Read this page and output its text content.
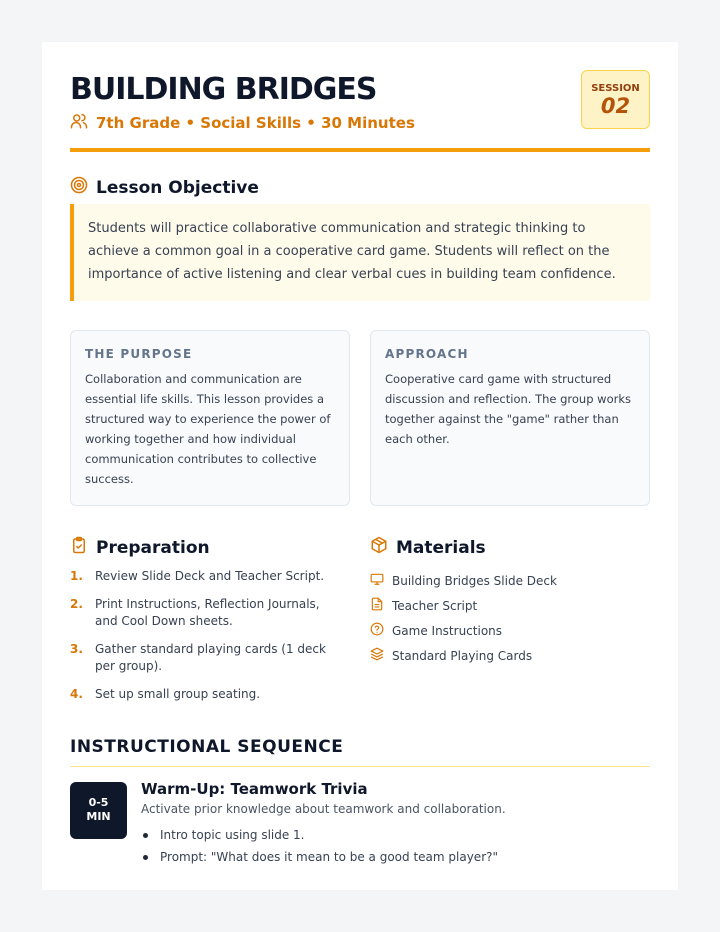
BUILDING BRIDGES
7th Grade • Social Skills • 30 Minutes
SESSION
02
Lesson Objective
Students will practice collaborative communication and strategic thinking to achieve a common goal in a cooperative card game. Students will reflect on the importance of active listening and clear verbal cues in building team confidence.
THE PURPOSE

Collaboration and communication are essential life skills. This lesson provides a structured way to experience the power of working together and how individual communication contributes to collective success.

APPROACH

Cooperative card game with structured discussion and reflection. The group works together against the "game" rather than each other.

Preparation
1.	Review Slide Deck and Teacher Script.
2.	Print Instructions, Reflection Journals, and Cool Down sheets.
3.	Gather standard playing cards (1 deck per group).
4.	Set up small group seating.
Materials
Building Bridges Slide Deck
Teacher Script
Game Instructions
Standard Playing Cards
INSTRUCTIONAL SEQUENCE
0-5
MIN
Warm-Up: Teamwork Trivia
Activate prior knowledge about teamwork and collaboration.
Intro topic using slide 1.
Prompt: "What does it mean to be a good team player?"
